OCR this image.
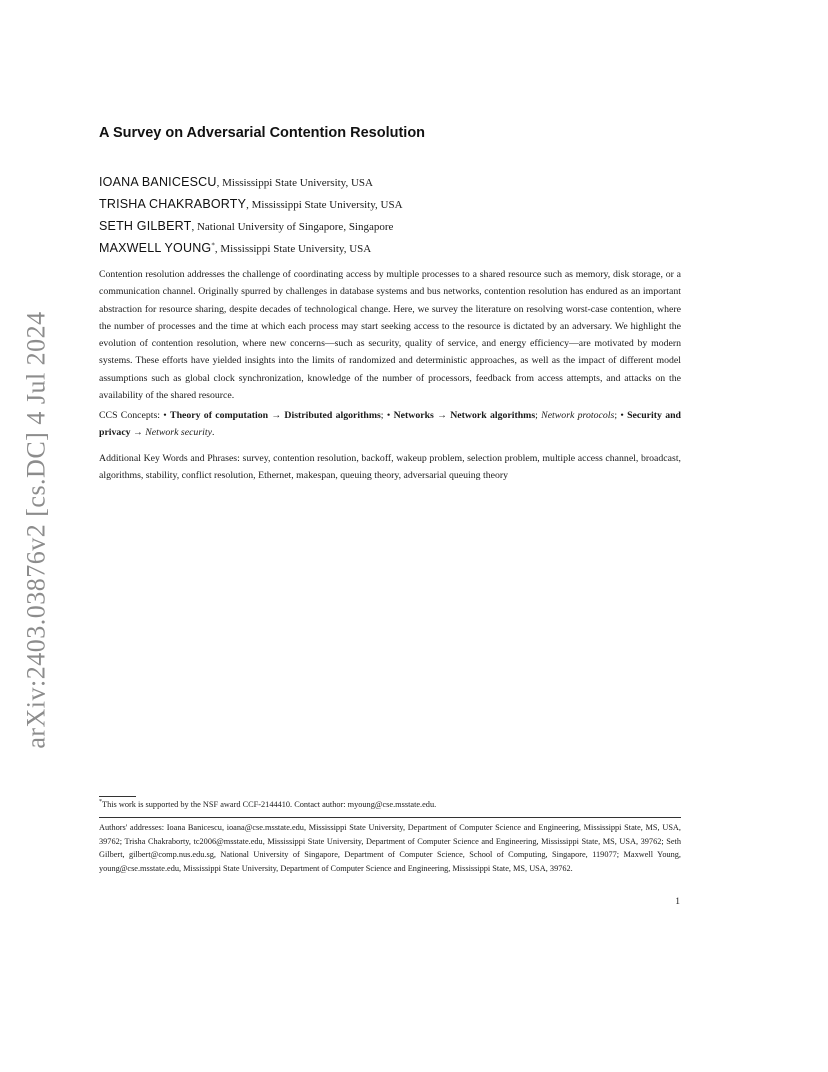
arXiv:2403.03876v2 [cs.DC] 4 Jul 2024
A Survey on Adversarial Contention Resolution
IOANA BANICESCU, Mississippi State University, USA
TRISHA CHAKRABORTY, Mississippi State University, USA
SETH GILBERT, National University of Singapore, Singapore
MAXWELL YOUNG*, Mississippi State University, USA
Contention resolution addresses the challenge of coordinating access by multiple processes to a shared resource such as memory, disk storage, or a communication channel. Originally spurred by challenges in database systems and bus networks, contention resolution has endured as an important abstraction for resource sharing, despite decades of technological change. Here, we survey the literature on resolving worst-case contention, where the number of processes and the time at which each process may start seeking access to the resource is dictated by an adversary. We highlight the evolution of contention resolution, where new concerns—such as security, quality of service, and energy efficiency—are motivated by modern systems. These efforts have yielded insights into the limits of randomized and deterministic approaches, as well as the impact of different model assumptions such as global clock synchronization, knowledge of the number of processors, feedback from access attempts, and attacks on the availability of the shared resource.
CCS Concepts: • Theory of computation → Distributed algorithms; • Networks → Network algorithms; Network protocols; • Security and privacy → Network security.
Additional Key Words and Phrases: survey, contention resolution, backoff, wakeup problem, selection problem, multiple access channel, broadcast, algorithms, stability, conflict resolution, Ethernet, makespan, queuing theory, adversarial queuing theory
*This work is supported by the NSF award CCF-2144410. Contact author: myoung@cse.msstate.edu.
Authors' addresses: Ioana Banicescu, ioana@cse.msstate.edu, Mississippi State University, Department of Computer Science and Engineering, Mississippi State, MS, USA, 39762; Trisha Chakraborty, tc2006@msstate.edu, Mississippi State University, Department of Computer Science and Engineering, Mississippi State, MS, USA, 39762; Seth Gilbert, gilbert@comp.nus.edu.sg, National University of Singapore, Department of Computer Science, School of Computing, Singapore, 119077; Maxwell Young, young@cse.msstate.edu, Mississippi State University, Department of Computer Science and Engineering, Mississippi State, MS, USA, 39762.
1
